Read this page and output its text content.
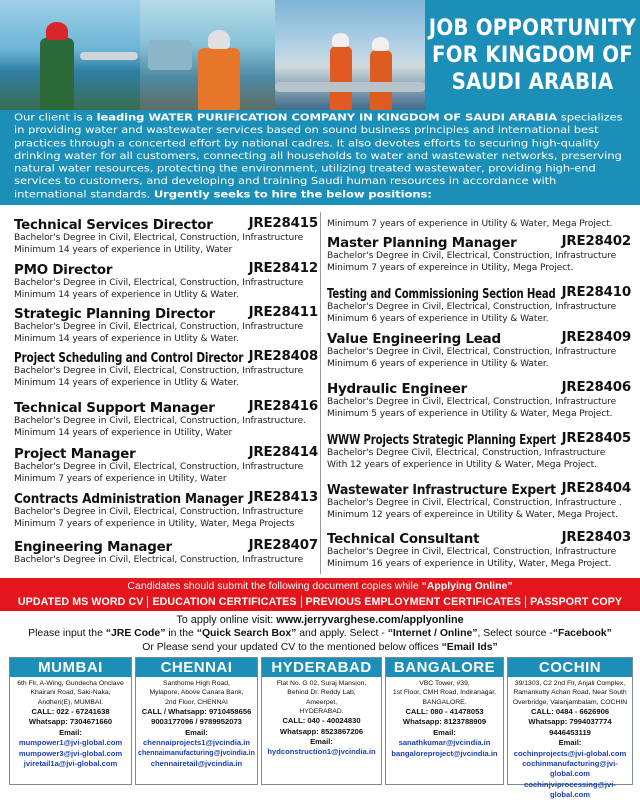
JOB OPPORTUNITY
FOR KINGDOM OF
SAUDI ARABIA

Our client is a leading WATER PURIFICATION COMPANY IN KINGDOM OF SAUDI ARABIA specializes in providing water and wastewater services based on sound business principles and international best practices through a concerted effort by national cadres. It also devotes efforts to securing high-quality drinking water for all customers, connecting all households to water and wastewater networks, preserving natural water resources, protecting the environment, utilizing treated wastewater, providing high-end services to customers, and developing and training Saudi human resources in accordance with international standards. Urgently seeks to hire the below positions:

Technical Services Director	JRE28415
Bachelor's Degree in Civil, Electrical, Construction, Infrastructure
Minimum 14 years of experience in Utility, Water
PMO Director	JRE28412
Bachelor's Degree in Civil, Electrical, Construction, Infrastructure
Minimum 14 years of experience in Utlity & Water.
Strategic Planning Director	JRE28411
Bachelor's Degree in Civil, Electrical, Construction, Infrastructure
Minimum 14 years of experience in Utlity & Water.
Project Scheduling and Control Director JRE28408
Bachelor's Degree in Civil, Electrical, Construction, Infrastructure
Minimum 14 years of experience in Utlity & Water.
Technical Support Manager	JRE28416
Bachelor's Degree in Civil, Electrical, Construction, Infrastructure.
Minimum 14 years of experience in Utility, Water
Project Manager	JRE28414
Bachelor's Degree in Civil, Electrical, Construction, Infrastructure
Minimum 7 years of experience in Utility, Water
Contracts Administration Manager JRE28413
Bachelor's Degree in Civil, Electrical, Construction, Infrastructure
Minimum 7 years of experience in Utility, Water, Mega Projects
Engineering Manager	JRE28407
Bachelor's Degree in Civil, Electrical, Construction, Infrastructure
Minimum 7 years of experience in Utility & Water, Mega Project.
Master Planning Manager	JRE28402
Bachelor's Degree in Civil, Electrical, Construction, Infrastructure
Minimum 7 years of expereince in Utility, Mega Project.
Testing and Commissioning Section Head JRE28410
Bachelor's Degree in Civil, Electrical, Construction, Infrastructure
Minimum 6 years of experience in Utility & Water.
Value Engineering Lead	JRE28409
Bachelor's Degree in Civil, Electrical, Construction, Infrastructure
Minimum 6 years of experience in Utility & Water.
Hydraulic Engineer	JRE28406
Bachelor's Degree in Civil, Electrical, Construction, Infrastructure
Minimum 5 years of experience in Utility & Water, Mega Project.
WWW Projects Strategic Planning Expert JRE28405
Bachelor's Degree Civil, Electrical, Construction, Infrastructure
With 12 years of experience in Utility & Water, Mega Project.
Wastewater Infrastructure Expert JRE28404
Bachelor's Degree in Civil, Electrical, Construction, Infrastructure .
Minimum 12 years of expereince in Utility & Water, Mega Project.
Technical Consultant	JRE28403
Bachelor's Degree in Civil, Electrical, Construction, Infrastructure
Minimum 16 years of experience in Utility, Water, Mega Project.
Candidates should submit the following document copies while “Applying Online”
UPDATED MS WORD CV EDUCATION CERTIFICATES PREVIOUS EMPLOYMENT CERTIFICATES PASSPORT COPY
To apply online visit: www.jerryvarghese.com/applyonline
Please input the “JRE Code” in the “Quick Search Box” and apply. Select - “Internet / Online”, Select source -“Facebook”
Or Please send your updated CV to the mentioned below offices “Email Ids”
MUMBAI
6th Flr, A-Wing, Gundecha Onclave
Khairani Road, Saki-Naka,
Andheri(E), MUMBAI.
CALL: 022 - 67241638
Whatsapp: 7304671660
Email:
mumpower1@jvi-global.com
mumpower3@jvi-global.com
jviretail1a@jvi-global.com
CHENNAI
Santhome High Road,
Mylapore, Above Canara Bank,
2nd Floor, CHENNAI
CALL / Whatsapp: 9710458656
9003177096 / 9789952073
Email:
chennaiprojects1@jvcindia.in
chennaimanufacturing@jvcindia.in
chennairetail@jvcindia.in
HYDERABAD
Flat No. G 02, Suraj Mansion,
Behind Dr. Reddy Lab,
Ameerpet,
HYDERABAD.
CALL: 040 - 40024830
Whatsapp: 8523867206
Email:
hydconstruction1@jvcindia.in
BANGALORE
VBC Tower, #39,
1st Floor, CMH Road, Indiranagar,
BANGALORE.
CALL: 080 - 41478053
Whatsapp: 8123788909
Email:
sanathkumar@jvcindia.in
bangaloreproject@jvcindia.in
COCHIN
39/1303, C2 2nd Flr, Anjali Complex,
Ramankutty Achan Road, Near South
Overbridge, Valanjambalam, COCHIN
CALL: 0484 - 6626906
Whatsapp: 7994037774 9446453119
Email:
cochinprojects@jvi-global.com
cochinmanufacturing@jvi-global.com
cochinjviprocessing@jvi-global.com
